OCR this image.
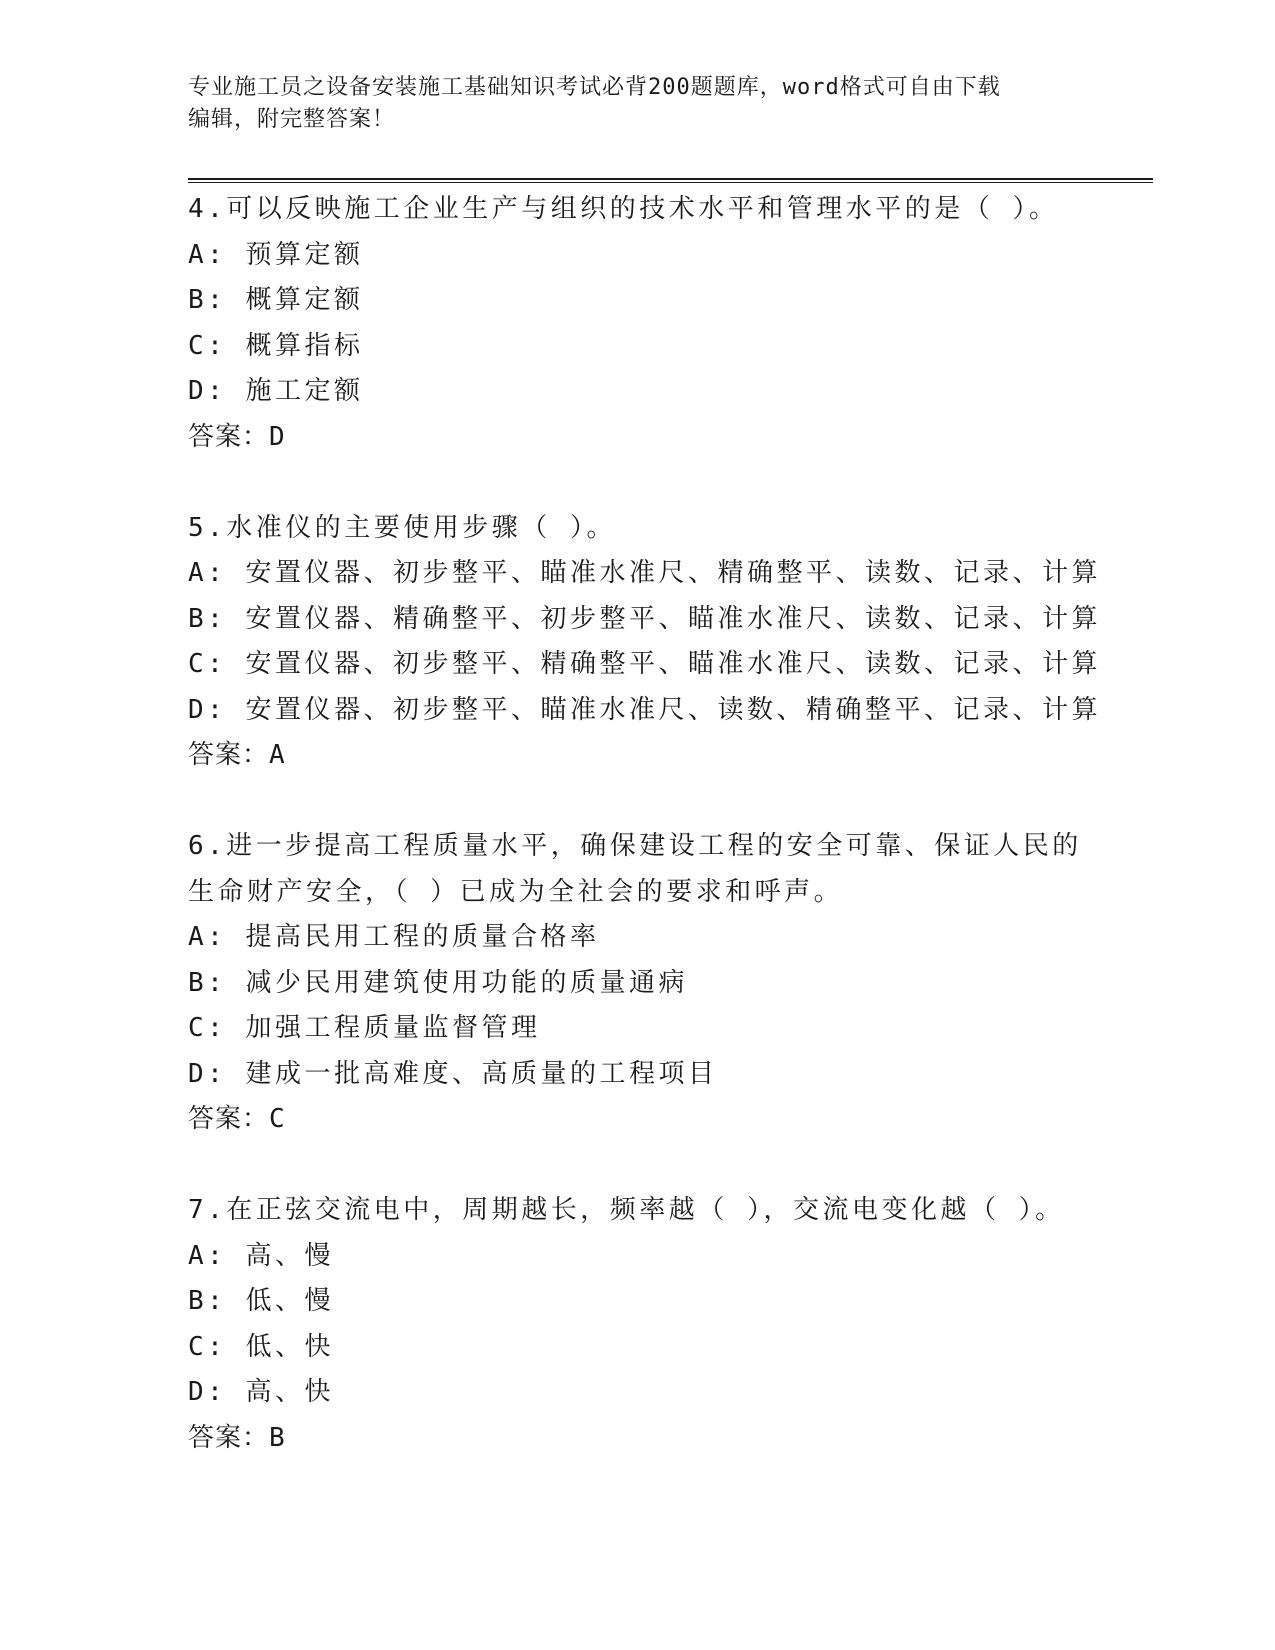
专业施工员之设备安装施工基础知识考试必背200题题库，word格式可自由下载
编辑，附完整答案！
4.可以反映施工企业生产与组织的技术水平和管理水平的是（ ）。
A: 预算定额
B: 概算定额
C: 概算指标
D: 施工定额
答案：D
5.水准仪的主要使用步骤（ ）。
A: 安置仪器、初步整平、瞄准水准尺、精确整平、读数、记录、计算
B: 安置仪器、精确整平、初步整平、瞄准水准尺、读数、记录、计算
C: 安置仪器、初步整平、精确整平、瞄准水准尺、读数、记录、计算
D: 安置仪器、初步整平、瞄准水准尺、读数、精确整平、记录、计算
答案：A
6.进一步提高工程质量水平，确保建设工程的安全可靠、保证人民的
生命财产安全，（ ）已成为全社会的要求和呼声。
A: 提高民用工程的质量合格率
B: 减少民用建筑使用功能的质量通病
C: 加强工程质量监督管理
D: 建成一批高难度、高质量的工程项目
答案：C
7.在正弦交流电中，周期越长，频率越（ ），交流电变化越（ ）。
A: 高、慢
B: 低、慢
C: 低、快
D: 高、快
答案：B
